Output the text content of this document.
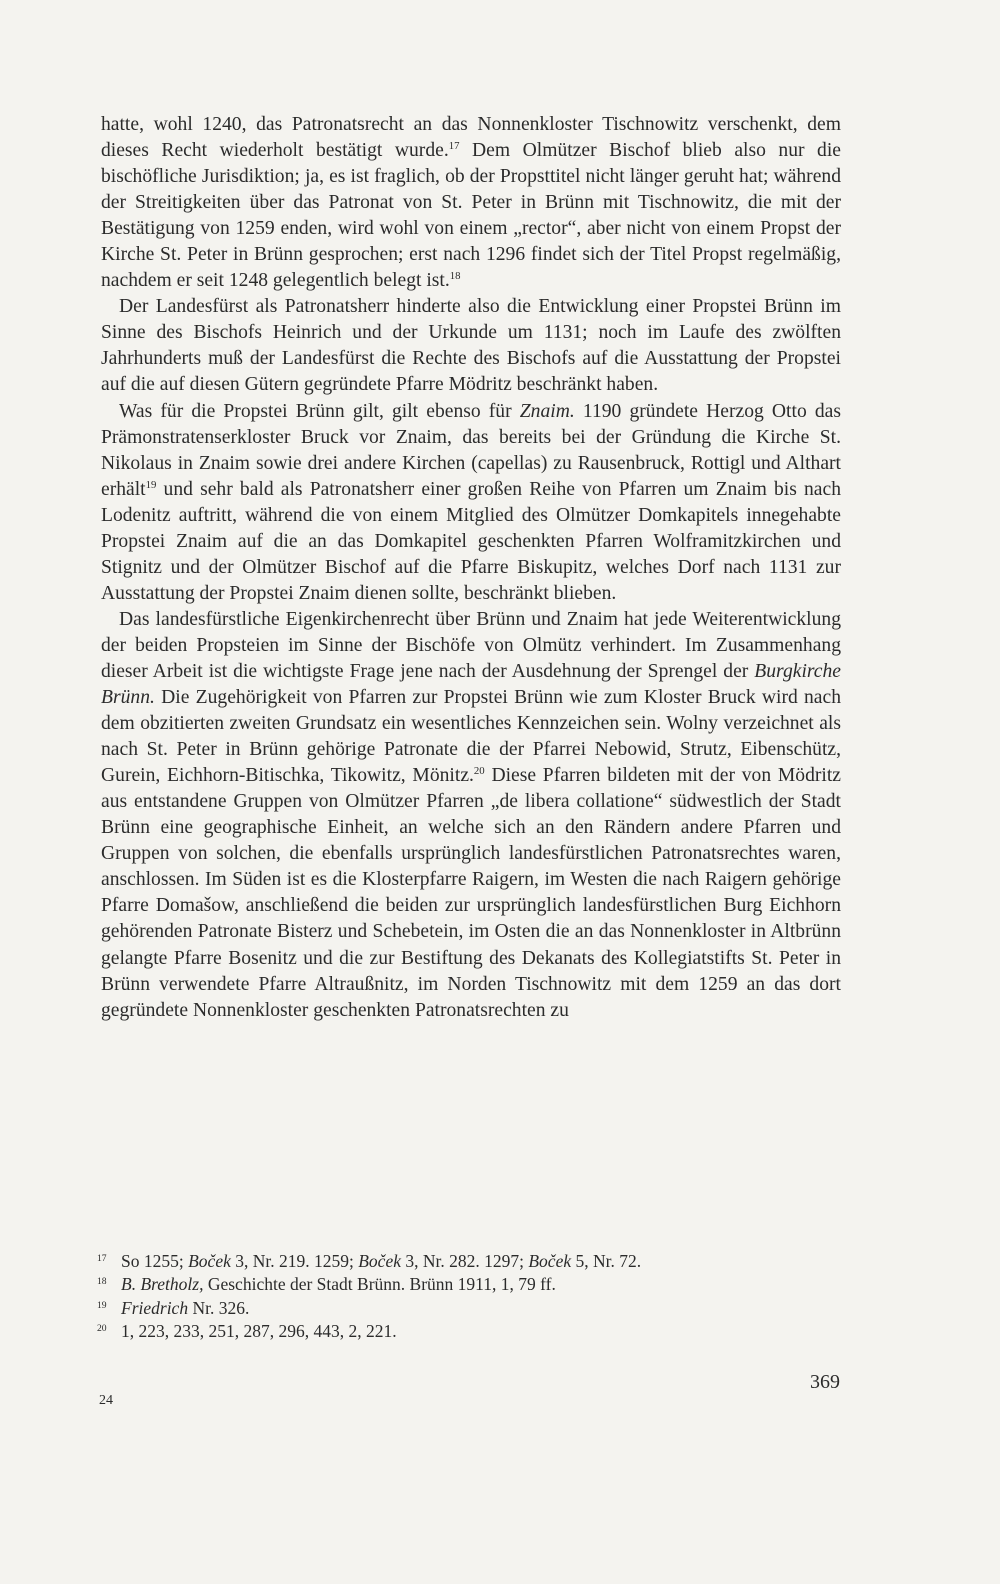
hatte, wohl 1240, das Patronatsrecht an das Nonnenkloster Tischnowitz verschenkt, dem dieses Recht wiederholt bestätigt wurde.$^{17}$ Dem Olmützer Bischof blieb also nur die bischöfliche Jurisdiktion; ja, es ist fraglich, ob der Propsttitel nicht länger geruht hat; während der Streitigkeiten über das Patronat von St. Peter in Brünn mit Tischnowitz, die mit der Bestätigung von 1259 enden, wird wohl von einem „rector“, aber nicht von einem Propst der Kirche St. Peter in Brünn gesprochen; erst nach 1296 findet sich der Titel Propst regelmäßig, nachdem er seit 1248 gelegentlich belegt ist.$^{18}$

Der Landesfürst als Patronatsherr hinderte also die Entwicklung einer Propstei Brünn im Sinne des Bischofs Heinrich und der Urkunde um 1131; noch im Laufe des zwölften Jahrhunderts muß der Landesfürst die Rechte des Bischofs auf die Ausstattung der Propstei auf die auf diesen Gütern gegründete Pfarre Mödritz beschränkt haben.

Was für die Propstei Brünn gilt, gilt ebenso für Znaim. 1190 gründete Herzog Otto das Prämonstratenserkloster Bruck vor Znaim, das bereits bei der Gründung die Kirche St. Nikolaus in Znaim sowie drei andere Kirchen (capellas) zu Rausenbruck, Rottigl und Althart erhält$^{19}$ und sehr bald als Patronatsherr einer großen Reihe von Pfarren um Znaim bis nach Lodenitz auftritt, während die von einem Mitglied des Olmützer Domkapitels innegehabte Propstei Znaim auf die an das Domkapitel geschenkten Pfarren Wolframitzkirchen und Stignitz und der Olmützer Bischof auf die Pfarre Biskupitz, welches Dorf nach 1131 zur Ausstattung der Propstei Znaim dienen sollte, beschränkt blieben.

Das landesfürstliche Eigenkirchenrecht über Brünn und Znaim hat jede Weiterentwicklung der beiden Propsteien im Sinne der Bischöfe von Olmütz verhindert. Im Zusammenhang dieser Arbeit ist die wichtigste Frage jene nach der Ausdehnung der Sprengel der Burgkirche Brünn. Die Zugehörigkeit von Pfarren zur Propstei Brünn wie zum Kloster Bruck wird nach dem obzitierten zweiten Grundsatz ein wesentliches Kennzeichen sein. Wolny verzeichnet als nach St. Peter in Brünn gehörige Patronate die der Pfarrei Nebowid, Strutz, Eibenschütz, Gurein, Eichhorn-Bitischka, Tikowitz, Mönitz.$^{20}$ Diese Pfarren bildeten mit der von Mödritz aus entstandene Gruppen von Olmützer Pfarren „de libera collatione“ südwestlich der Stadt Brünn eine geographische Einheit, an welche sich an den Rändern andere Pfarren und Gruppen von solchen, die ebenfalls ursprünglich landesfürstlichen Patronatsrechtes waren, anschlossen. Im Süden ist es die Klosterpfarre Raigern, im Westen die nach Raigern gehörige Pfarre Domašow, anschließend die beiden zur ursprünglich landesfürstlichen Burg Eichhorn gehörenden Patronate Bisterz und Schebetein, im Osten die an das Nonnenkloster in Altbrünn gelangte Pfarre Bosenitz und die zur Bestiftung des Dekanats des Kollegiatstifts St. Peter in Brünn verwendete Pfarre Altraußnitz, im Norden Tischnowitz mit dem 1259 an das dort gegründete Nonnenkloster geschenkten Patronatsrechten zu

$^{17}$ So 1255; Boček 3, Nr. 219. 1259; Boček 3, Nr. 282. 1297; Boček 5, Nr. 72.

$^{18}$ B. Bretholz, Geschichte der Stadt Brünn. Brünn 1911, 1, 79 ff.

$^{19}$ Friedrich Nr. 326.

$^{20}$ 1, 223, 233, 251, 287, 296, 443, 2, 221.

369
24
